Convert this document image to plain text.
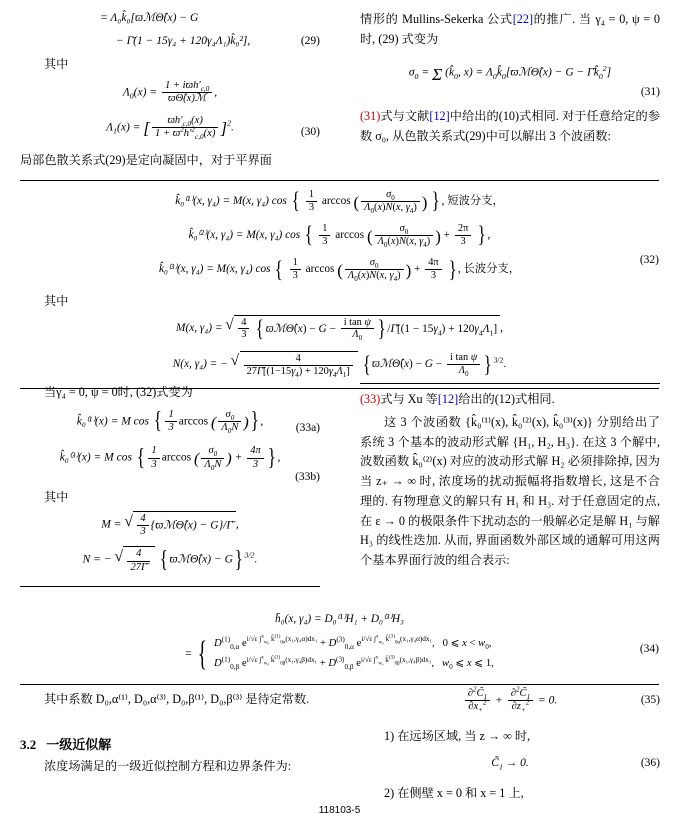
= Λ₀k̂₀[ϖℳΘ̂(x) − G
− Γ̄(1 − 15γ₄ + 120γ₄Λ₁)k̂₀²],	(29)
其中
$\Lambda_0(x) = \frac{1 + iϖh'_{c,0}}{\text{ϖΘ̂(x)ℳ}}$ ,
$\Lambda_1(x)$ = [ $\frac{ϖh'_{c,0}(x)}{1 + ϖ^2h'^2_{c,0}(x)} ]^2$.	(30)
局部色散关系式(29)是定向凝固中，对于平界面
情形的 Mullins-Sekerka 公式[22]的推广. 当 γ₄ = 0, ψ = 0时, (29) 式变为
$\sigma_0 = \Sigma$ ($k̂_0$, $x) = \Lambda_0k̂_0[ϖℳ\Thetâ(x) - G$ − $\Gammāk̂_0^2$]
(31)
(31)式与文献[12]中给出的(10)式相同. 对于任意给定的参数 σ₀, 从色散关系式(29)中可以解出 3 个波函数:
k̂₀⁽¹⁾(x, γ₄) = M(x, γ₄) cos { $\frac{1}{3}$ arccos ( $\frac{\sigma_0}{\Lambda_0(x)N(x, \gamma_4)}$ ) } , 短波分支，
k̂₀⁽²⁾(x, γ₄) = M(x, γ₄) cos { $\frac{1}{3}$ arccos ( $\frac{\sigma_0}{\Lambda_0(x)N(x, \gamma_4)}$ ) + $\frac{2\pi}{3}$ } ,
k̂₀⁽³⁾(x, γ₄) = M(x, γ₄) cos { $\frac{1}{3}$ arccos ( $\frac{\sigma_0}{\Lambda_0(x)N(x, \gamma_4)}$ ) + $\frac{4\pi}{3}$ } , 长波分支，
(32)
其中
M(x, γ₄) = √ $\frac{4}{3}$ { ϖℳΘ̂(x) − $G - \frac{\text{i tan ψ}}{\Lambda_0}$ } /Γ̄[(1 − $15\gamma_4) + 120\gamma_4\Lambda_1$] ,
N(x, γ₄) = − √ $\frac{4}{27\Gammā[(1-15\gamma_4) + 120\gamma_4\Lambda_1]}$ { ϖℳΘ̂(x) − $G - \frac{\text{i tan ψ}}{\Lambda_0}$ } $^{3/2}$.
当γ₄ = 0, ψ = 0时, (32)式变为
k̂₀⁽¹⁾(x) = M cos { $\frac{1}{3}$ arccos ( $\frac{\sigma_0}{\Lambda_0N}$ )} ,
(33a)
k̂₀⁽³⁾(x) = M cos { $\frac{1}{3}$ arccos ( $\frac{\sigma_0}{\Lambda_0N}$ ) + $\frac{4\pi}{3}$ } ,
(33b)
其中
M = √ $\frac{4}{3}$ {ϖℳΘ̂(x) − G}/Γ̄ ,
N = − √ $\frac{4}{27\Gammā}$ { ϖℳΘ̂(x) − G} $^{3/2}$.
(33)式与 Xu 等[12]给出的(12)式相同.
这 3 个波函数 {k̂₀⁽¹⁾(x), k̂₀⁽²⁾(x), k̂₀⁽³⁾(x)} 分别给出了系统 3 个基本的波动形式解 {H₁, H₂, H₃}. 在这 3 个解中, 波数函数 k̂₀⁽²⁾(x) 对应的波动形式解 H₂ 必须排除掉, 因为当 z₊ → ∞ 时, 浓度场的扰动振幅将指数增长, 这是不合理的. 有物理意义的解只有 H₁ 和 H₃. 对于任意固定的点, 在 ε → 0 的极限条件下扰动态的一般解必定是解 H₁ 与解 H₃ 的线性迭加. 从而, 界面函数外部区域的通解可用这两个基本界面行波的组合表示:
h̄₀(x, γ₄) = D₀⁽¹⁾H₁ + D₀⁽³⁾H₃
= { $D^{(1)}_{0,\alpha}$ $e^{i/√\varepsilon \int^x_{w_0} k̂^{(1)}_{0\alpha}(x_1,\gamma_4\alpha)dx_1} + D^{(3)}_{0,\alpha}$ $e^{i/√\varepsilon \int^x_{w_0} k̂^{(3)}_{0\alpha}(x_1,\gamma_4\alpha)dx_1}$,   0 ⩽ $x < w_0$,
$D^{(1)}_{0,\beta}$ $e^{i/√\varepsilon \int^x_{w_0} k̂^{(1)}_{0\beta}(x_1,\gamma_4\beta)dx_1} + D^{(3)}_{0,\beta}$ $e^{i/√\varepsilon \int^x_{w_0} k̂^{(3)}_{0\beta}(x_1,\gamma_4\beta)dx_1}$,   $w_0$ ⩽ x ⩽ 1,
(34)
其中系数 D₀,α⁽¹⁾, D₀,α⁽³⁾, D₀,β⁽¹⁾, D₀,β⁽³⁾ 是待定常数.
3.2 一级近似解
浓度场满足的一级近似控制方程和边界条件为:
$\frac{\partial^2C̃_1}{\partial x_+^2} + \frac{\partial^2C̃_1}{\partial z_+^2} = 0$.	(35)
1) 在远场区域, 当 z → ∞ 时,
$C̃_1 \to 0$.	(36)
2) 在侧壁 x = 0 和 x = 1 上,
118103-5
